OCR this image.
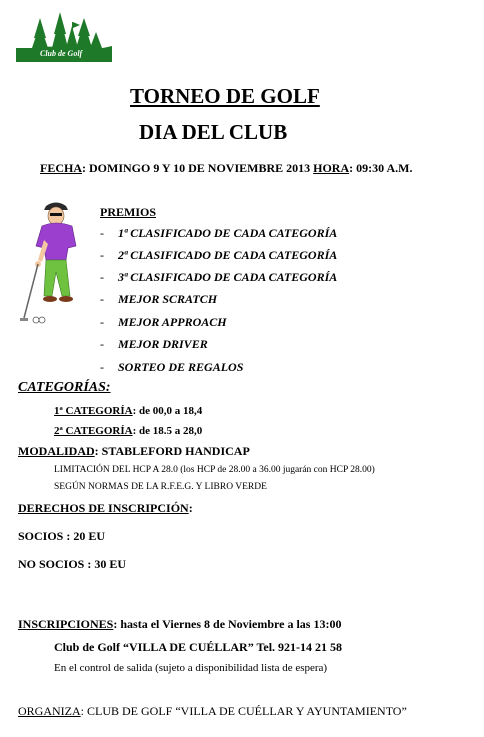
Club de Golf
TORNEO DE GOLF
DIA DEL CLUB
FECHA: DOMINGO 9 Y 10 DE NOVIEMBRE 2013 HORA: 09:30 A.M.
PREMIOS
- 1ª CLASIFICADO DE CADA CATEGORÍA
- 2ª CLASIFICADO DE CADA CATEGORÍA
- 3ª CLASIFICADO DE CADA CATEGORÍA
- MEJOR SCRATCH
- MEJOR APPROACH
- MEJOR DRIVER
- SORTEO DE REGALOS
CATEGORÍAS:
1ª CATEGORÍA: de 00,0 a 18,4
2ª CATEGORÍA: de 18.5 a 28,0
MODALIDAD: STABLEFORD HANDICAP
LIMITACIÓN DEL HCP A 28.0 (los HCP de 28.00 a 36.00 jugarán con HCP 28.00)
SEGÚN NORMAS DE LA R.F.E.G. Y LIBRO VERDE
DERECHOS DE INSCRIPCIÓN:
SOCIOS : 20 EU
NO SOCIOS : 30 EU
INSCRIPCIONES: hasta el Viernes 8 de Noviembre a las 13:00
Club de Golf “VILLA DE CUÉLLAR” Tel. 921-14 21 58
En el control de salida (sujeto a disponibilidad lista de espera)
ORGANIZA: CLUB DE GOLF “VILLA DE CUÉLLAR Y AYUNTAMIENTO”
